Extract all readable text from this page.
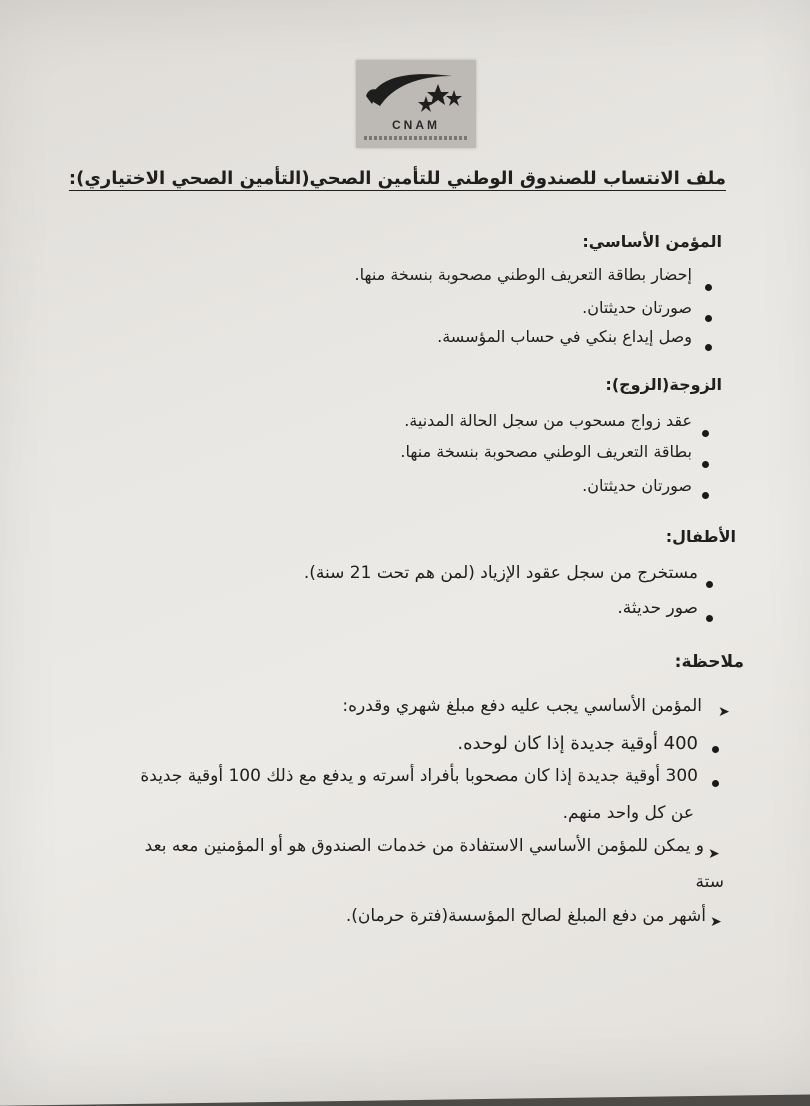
CNAM
ملف الانتساب للصندوق الوطني للتأمين الصحي(التأمين الصحي الاختياري):
المؤمن الأساسي:
إحضار بطاقة التعريف الوطني مصحوبة بنسخة منها.
صورتان حديثتان.
وصل إيداع بنكي في حساب المؤسسة.
الزوجة(الزوج):
عقد زواج مسحوب من سجل الحالة المدنية.
بطاقة التعريف الوطني مصحوبة بنسخة منها.
صورتان حديثتان.
الأطفال:
مستخرج من سجل عقود الإزياد (لمن هم تحت 21 سنة).
صور حديثة.
ملاحظة:
➤
المؤمن الأساسي يجب عليه دفع مبلغ شهري وقدره:
400 أوقية جديدة إذا كان لوحده.
300 أوقية جديدة إذا كان مصحوبا بأفراد أسرته و يدفع مع ذلك 100 أوقية جديدة
عن كل واحد منهم.
➤
و يمكن للمؤمن الأساسي الاستفادة من خدمات الصندوق هو أو المؤمنين معه بعد
ستة
➤
أشهر من دفع المبلغ لصالح المؤسسة(فترة حرمان).
